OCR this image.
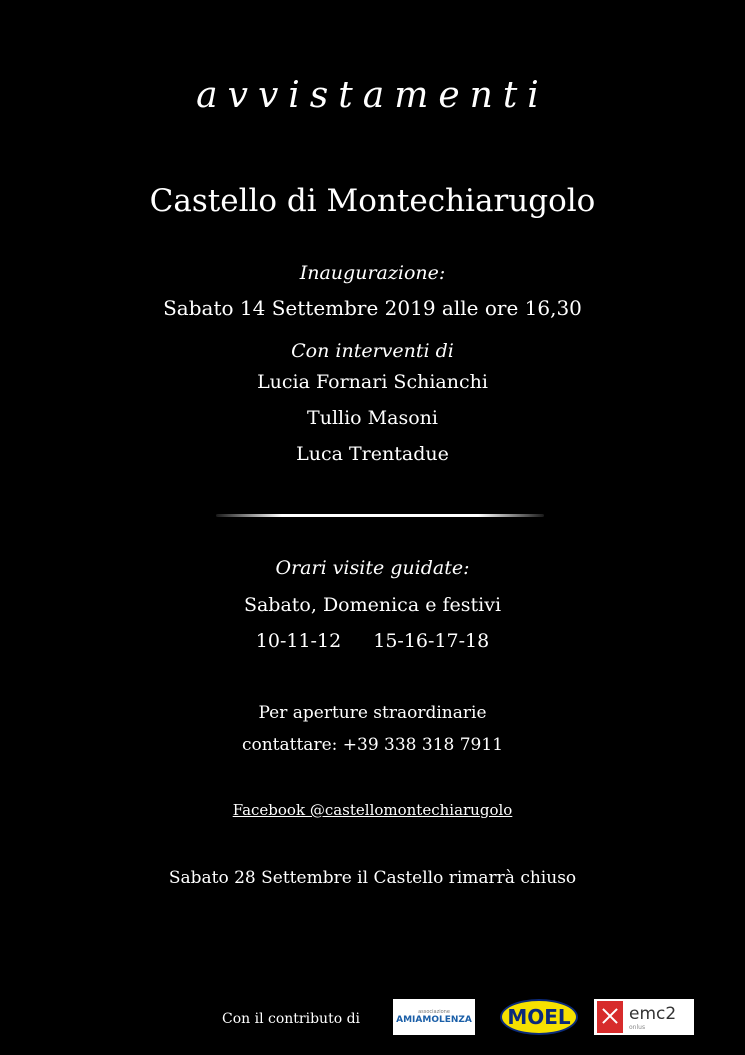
avvistamenti
Castello di Montechiarugolo
Inaugurazione:
Sabato 14 Settembre 2019 alle ore 16,30
Con interventi di
Lucia Fornari Schianchi
Tullio Masoni
Luca Trentadue
Orari visite guidate:
Sabato, Domenica e festivi
10-11-12 15-16-17-18
Per aperture straordinarie
contattare: +39 338 318 7911
Facebook @castellomontechiarugolo
Sabato 28 Settembre il Castello rimarrà chiuso
Con il contributo di	associazione
AMIAMOLENZA	MOEL	emc2
onlus
